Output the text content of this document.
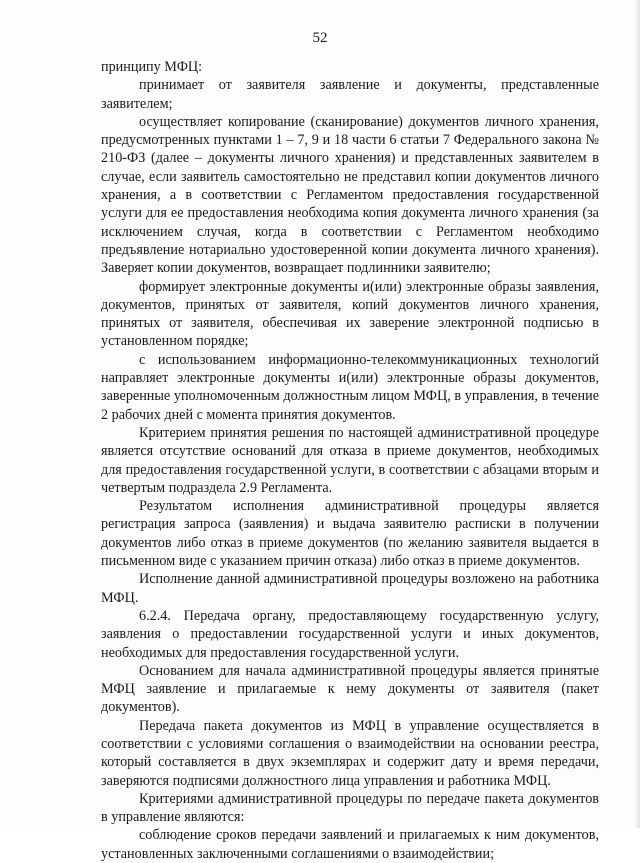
52

принципу МФЦ:

принимает от заявителя заявление и документы, представленные заявителем;

осуществляет копирование (сканирование) документов личного хранения, предусмотренных пунктами 1 – 7, 9 и 18 части 6 статьи 7 Федерального закона № 210-ФЗ (далее – документы личного хранения) и представленных заявителем в случае, если заявитель самостоятельно не представил копии документов личного хранения, а в соответствии с Регламентом предоставления государственной услуги для ее предоставления необходима копия документа личного хранения (за исключением случая, когда в соответствии с Регламентом необходимо предъявление нотариально удостоверенной копии документа личного хранения). Заверяет копии документов, возвращает подлинники заявителю;

формирует электронные документы и(или) электронные образы заявления, документов, принятых от заявителя, копий документов личного хранения, принятых от заявителя, обеспечивая их заверение электронной подписью в установленном порядке;

с использованием информационно-телекоммуникационных технологий направляет электронные документы и(или) электронные образы документов, заверенные уполномоченным должностным лицом МФЦ, в управления, в течение 2 рабочих дней с момента принятия документов.

Критерием принятия решения по настоящей административной процедуре является отсутствие оснований для отказа в приеме документов, необходимых для предоставления государственной услуги, в соответствии с абзацами вторым и четвертым подраздела 2.9 Регламента.

Результатом исполнения административной процедуры является регистрация запроса (заявления) и выдача заявителю расписки в получении документов либо отказ в приеме документов (по желанию заявителя выдается в письменном виде с указанием причин отказа) либо отказ в приеме документов.

Исполнение данной административной процедуры возложено на работника МФЦ.

6.2.4. Передача органу, предоставляющему государственную услугу, заявления о предоставлении государственной услуги и иных документов, необходимых для предоставления государственной услуги.

Основанием для начала административной процедуры является принятые МФЦ заявление и прилагаемые к нему документы от заявителя (пакет документов).

Передача пакета документов из МФЦ в управление осуществляется в соответствии с условиями соглашения о взаимодействии на основании реестра, который составляется в двух экземплярах и содержит дату и время передачи, заверяются подписями должностного лица управления и работника МФЦ.

Критериями административной процедуры по передаче пакета документов в управление являются:

соблюдение сроков передачи заявлений и прилагаемых к ним документов, установленных заключенными соглашениями о взаимодействии;
